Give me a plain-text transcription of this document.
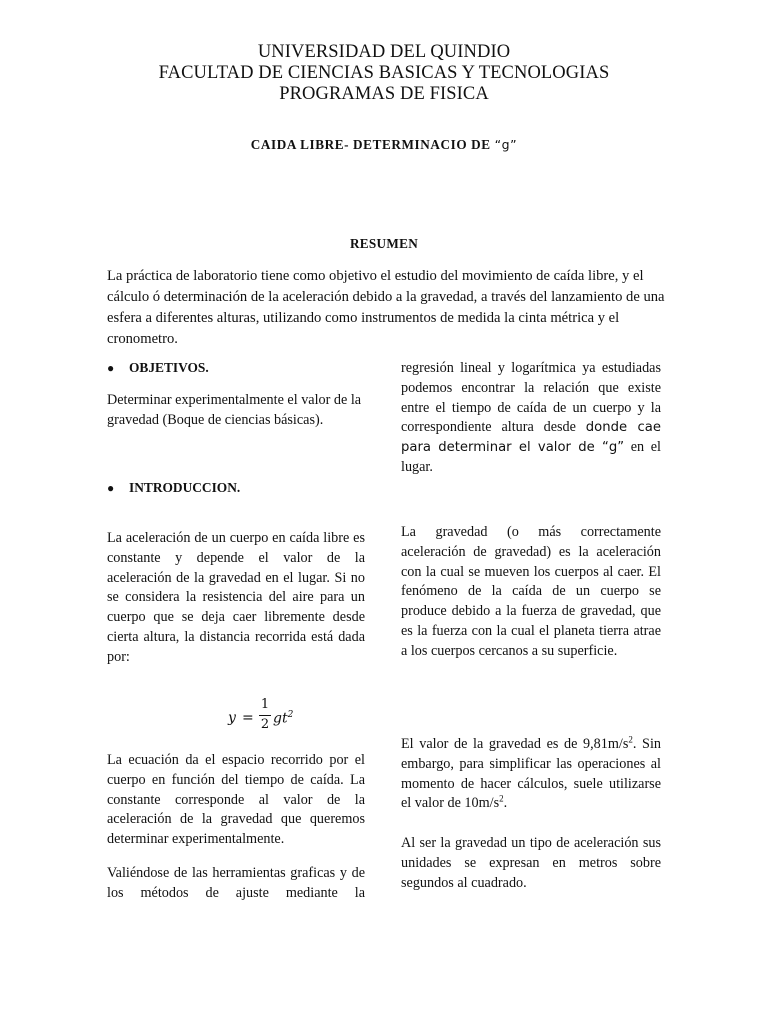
UNIVERSIDAD DEL QUINDIO
FACULTAD DE CIENCIAS BASICAS Y TECNOLOGIAS
PROGRAMAS DE FISICA
CAIDA LIBRE- DETERMINACIO DE “g”
RESUMEN
La práctica de laboratorio tiene como objetivo el estudio del movimiento de caída libre, y el cálculo ó determinación de la aceleración debido a la gravedad, a través del lanzamiento de una esfera a diferentes alturas, utilizando como instrumentos de medida la cinta métrica y el cronometro.
●	OBJETIVOS.

Determinar experimentalmente el valor de la gravedad (Boque de ciencias básicas).

●	INTRODUCCION.

La aceleración de un cuerpo en caída libre es constante y depende el valor de la aceleración de la gravedad en el lugar. Si no se considera la resistencia del aire para un cuerpo que se deja caer libremente desde cierta altura, la distancia recorrida está dada por:

y =
1
2 $gt^2$

La ecuación da el espacio recorrido por el cuerpo en función del tiempo de caída. La constante corresponde al valor de la aceleración de la gravedad que queremos determinar experimentalmente.

Valiéndose de las herramientas graficas y de los métodos de ajuste mediante la

regresión lineal y logarítmica ya estudiadas podemos encontrar la relación que existe entre el tiempo de caída de un cuerpo y la correspondiente altura desde donde cae para determinar el valor de “g” en el lugar.

La gravedad (o más correctamente aceleración de gravedad) es la aceleración con la cual se mueven los cuerpos al caer. El fenómeno de la caída de un cuerpo se produce debido a la fuerza de gravedad, que es la fuerza con la cual el planeta tierra atrae a los cuerpos cercanos a su superficie.

El valor de la gravedad es de $9,81m/s^2$. Sin embargo, para simplificar las operaciones al momento de hacer cálculos, suele utilizarse el valor de $10m/s^2$.

Al ser la gravedad un tipo de aceleración sus unidades se expresan en metros sobre segundos al cuadrado.
